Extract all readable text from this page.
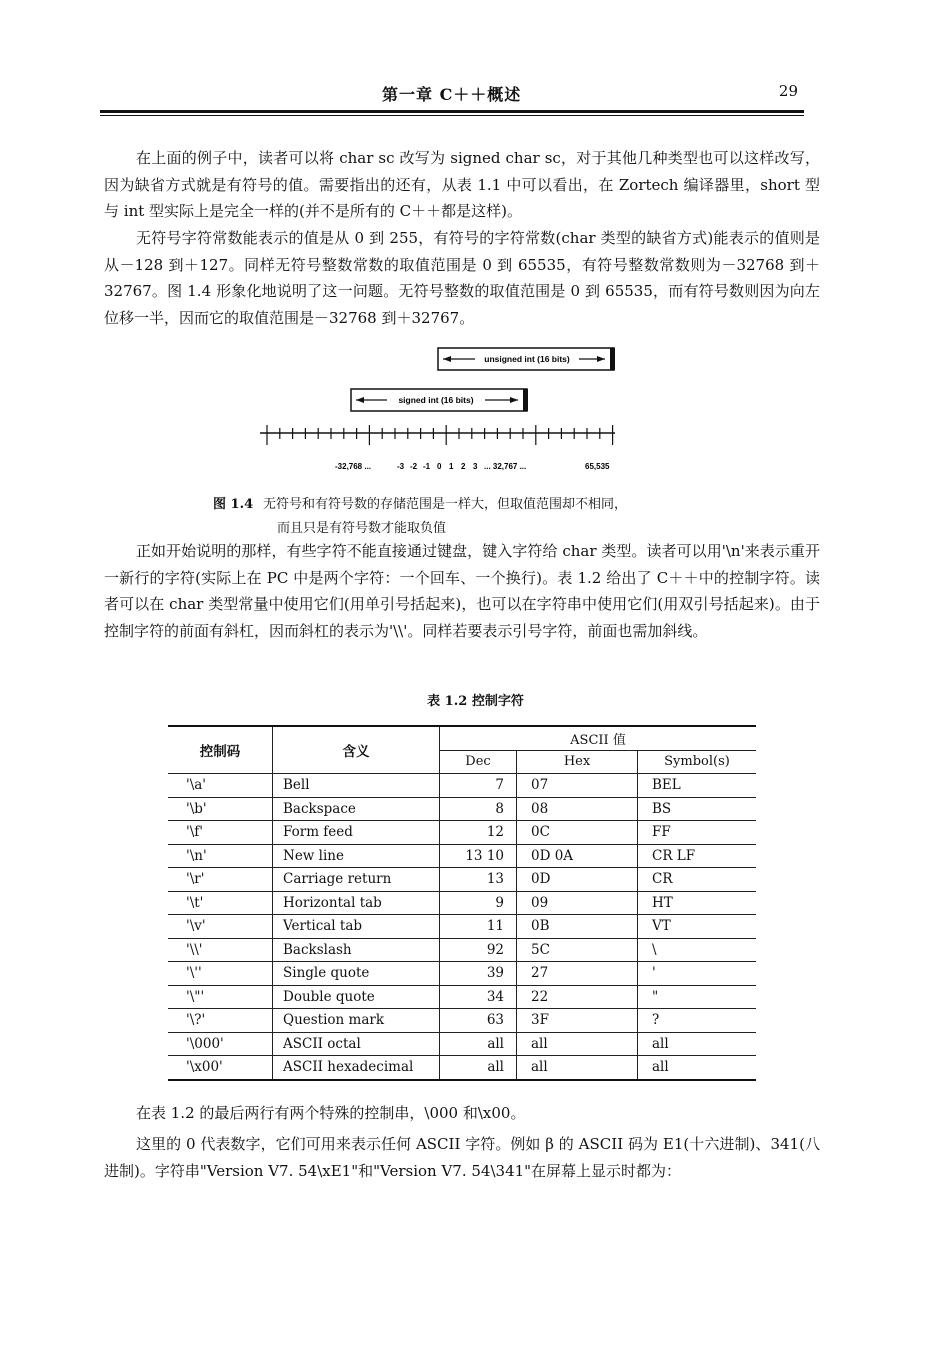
第一章 C＋＋概述	29

在上面的例子中，读者可以将 char sc 改写为 signed char sc，对于其他几种类型也可以这样改写，因为缺省方式就是有符号的值。需要指出的还有，从表 1.1 中可以看出，在 Zortech 编译器里，short 型与 int 型实际上是完全一样的(并不是所有的 C＋＋都是这样)。

无符号字符常数能表示的值是从 0 到 255，有符号的字符常数(char 类型的缺省方式)能表示的值则是从－128 到＋127。同样无符号整数常数的取值范围是 0 到 65535，有符号整数常数则为－32768 到＋32767。图 1.4 形象化地说明了这一问题。无符号整数的取值范围是 0 到 65535，而有符号数则因为向左位移一半，因而它的取值范围是－32768 到＋32767。

unsigned int (16 bits)
signed int (16 bits)
-32,768 ...	-3 -2 -1 0 1 2 3 ... 32,767 ...	65,535
图 1.4 无符号和有符号数的存储范围是一样大，但取值范围却不相同，
而且只是有符号数才能取负值

正如开始说明的那样，有些字符不能直接通过键盘，键入字符给 char 类型。读者可以用'\n'来表示重开一新行的字符(实际上在 PC 中是两个字符：一个回车、一个换行)。表 1.2 给出了 C＋＋中的控制字符。读者可以在 char 类型常量中使用它们(用单引号括起来)，也可以在字符串中使用它们(用双引号括起来)。由于控制字符的前面有斜杠，因而斜杠的表示为'\\'。同样若要表示引号字符，前面也需加斜线。

表 1.2 控制字符
控制码	含义	ASCII 值		
		Dec	Hex	Symbol(s)
'\a'	Bell	7	07	BEL
'\b'	Backspace	8	08	BS
'\f'	Form feed	12	0C	FF
'\n'	New line	13 10	0D 0A	CR LF
'\r'	Carriage return	13	0D	CR
'\t'	Horizontal tab	9	09	HT
'\v'	Vertical tab	11	0B	VT
'\\'	Backslash	92	5C	\
'\''	Single quote	39	27	'
'\"'	Double quote	34	22	"
'\?'	Question mark	63	3F	?
'\000'	ASCII octal	all	all	all
'\x00'	ASCII hexadecimal	all	all	all

在表 1.2 的最后两行有两个特殊的控制串，\000 和\x00。

这里的 0 代表数字，它们可用来表示任何 ASCII 字符。例如 β 的 ASCII 码为 E1(十六进制)、341(八进制)。字符串"Version V7. 54\xE1"和"Version V7. 54\341"在屏幕上显示时都为：
